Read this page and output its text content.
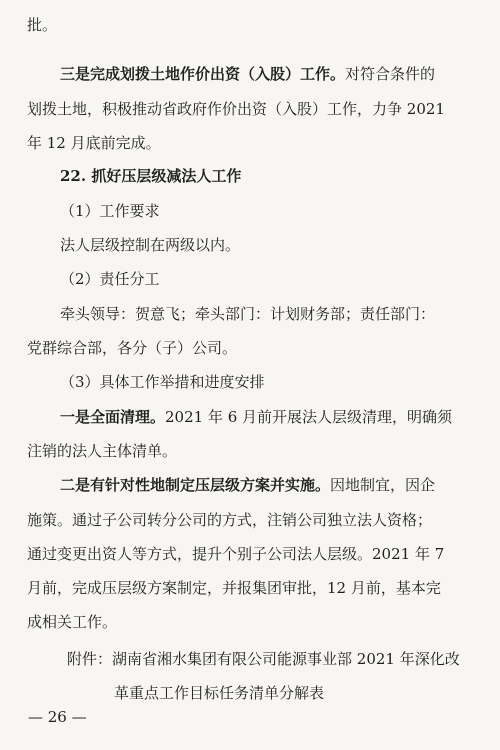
批。
三是完成划拨土地作价出资（入股）工作。对符合条件的
划拨土地，积极推动省政府作价出资（入股）工作，力争 2021
年 12 月底前完成。
22. 抓好压层级减法人工作
（1）工作要求
法人层级控制在两级以内。
（2）责任分工
牵头领导：贺意飞；牵头部门：计划财务部；责任部门：
党群综合部，各分（子）公司。
（3）具体工作举措和进度安排
一是全面清理。2021 年 6 月前开展法人层级清理，明确须
注销的法人主体清单。
二是有针对性地制定压层级方案并实施。因地制宜，因企
施策。通过子公司转分公司的方式，注销公司独立法人资格；
通过变更出资人等方式，提升个别子公司法人层级。2021 年 7
月前，完成压层级方案制定，并报集团审批，12 月前，基本完
成相关工作。
附件：湖南省湘水集团有限公司能源事业部 2021 年深化改
革重点工作目标任务清单分解表
— 26 —
